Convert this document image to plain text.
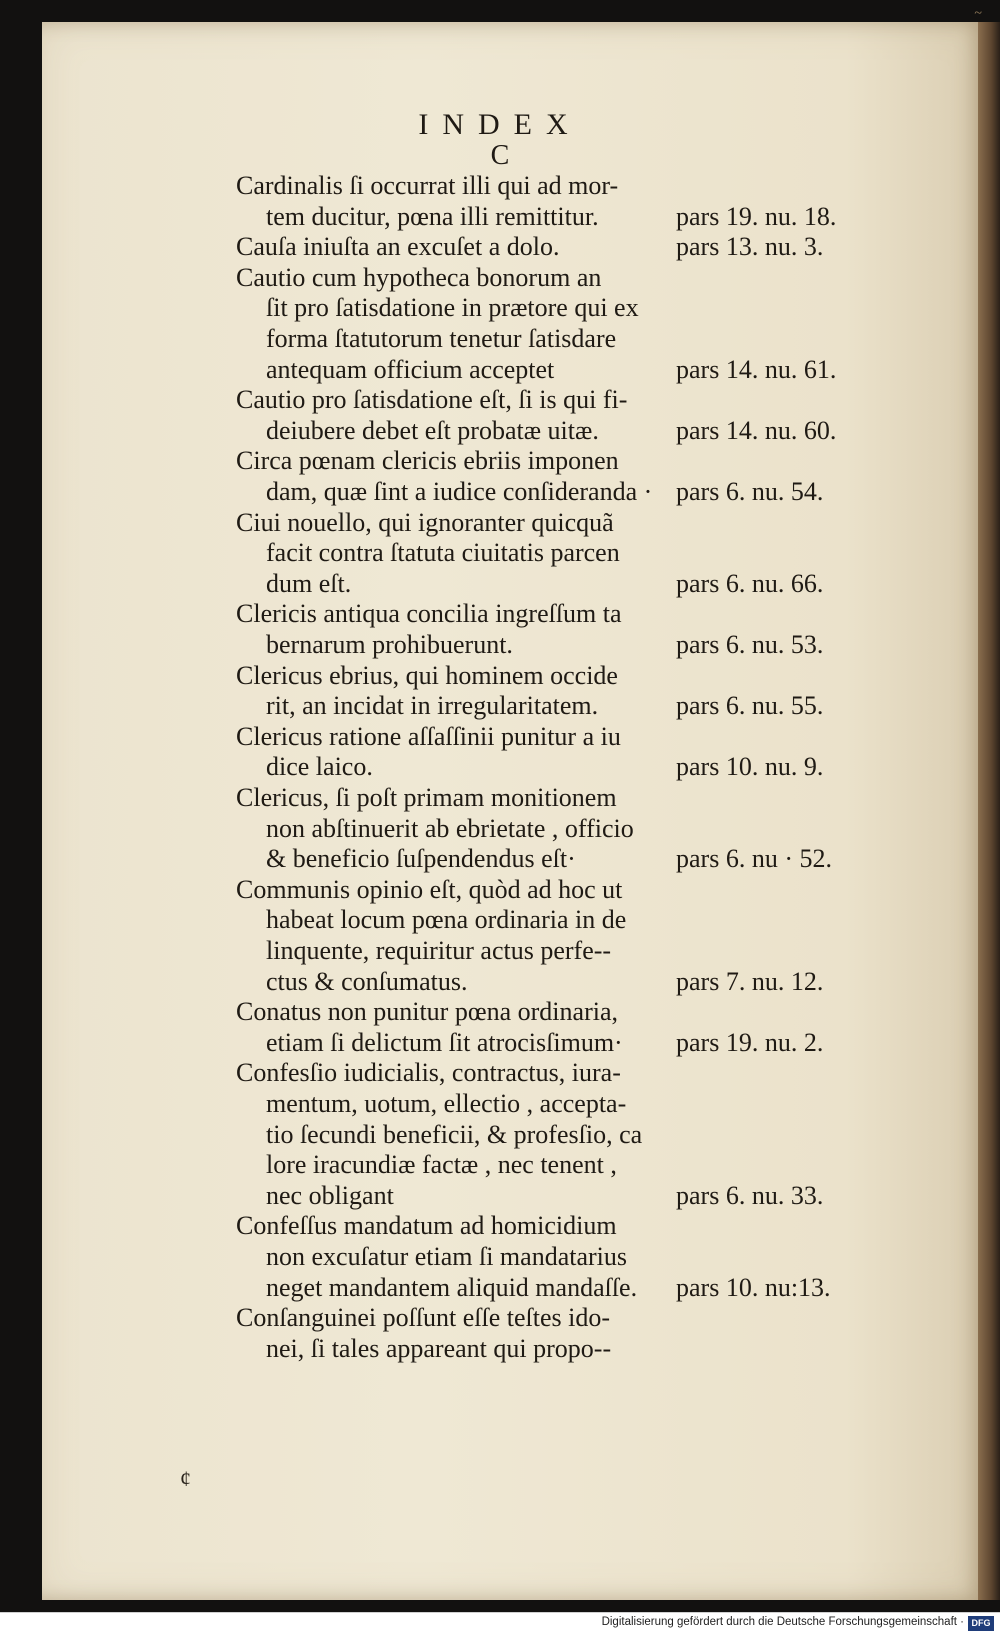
~
INDEX
C
Cardinalis ſi occurrat illi qui ad mor-
tem ducitur, pœna illi remittitur.	pars 19. nu. 18.
Cauſa iniuſta an excuſet a dolo.	pars 13. nu. 3.
Cautio cum hypotheca bonorum an
ſit pro ſatisdatione in prætore qui ex
forma ſtatutorum tenetur ſatisdare
antequam officium acceptet	pars 14. nu. 61.
Cautio pro ſatisdatione eſt, ſi is qui fi-
deiubere debet eſt probatæ uitæ.	pars 14. nu. 60.
Circa pœnam clericis ebriis imponen
dam, quæ ſint a iudice conſideranda · pars 6. nu. 54.
Ciui nouello, qui ignoranter quicquã
facit contra ſtatuta ciuitatis parcen
dum eſt.	pars 6. nu. 66.
Clericis antiqua concilia ingreſſum ta
bernarum prohibuerunt.	pars 6. nu. 53.
Clericus ebrius, qui hominem occide
rit, an incidat in irregularitatem.	pars 6. nu. 55.
Clericus ratione aſſaſſinii punitur a iu
dice laico.	pars 10. nu. 9.
Clericus, ſi poſt primam monitionem
non abſtinuerit ab ebrietate , officio
& beneficio ſuſpendendus eſt·	pars 6. nu · 52.
Communis opinio eſt, quòd ad hoc ut
habeat locum pœna ordinaria in de
linquente, requiritur actus perfe--
ctus & conſumatus.	pars 7. nu. 12.
Conatus non punitur pœna ordinaria,
etiam ſi delictum ſit atrocisſimum· pars 19. nu. 2.
Confesſio iudicialis, contractus, iura-
mentum, uotum, ellectio , accepta-
tio ſecundi beneficii, & profesſio, ca
lore iracundiæ factæ , nec tenent ,
nec obligant	pars 6. nu. 33.
Confeſſus mandatum ad homicidium
non excuſatur etiam ſi mandatarius
neget mandantem aliquid mandaſſe. pars 10. nu:13.
Conſanguinei poſſunt eſſe teſtes ido-
nei, ſi tales appareant qui propo--
¢
Digitalisierung gefördert durch die Deutsche Forschungsgemeinschaft · DFG
